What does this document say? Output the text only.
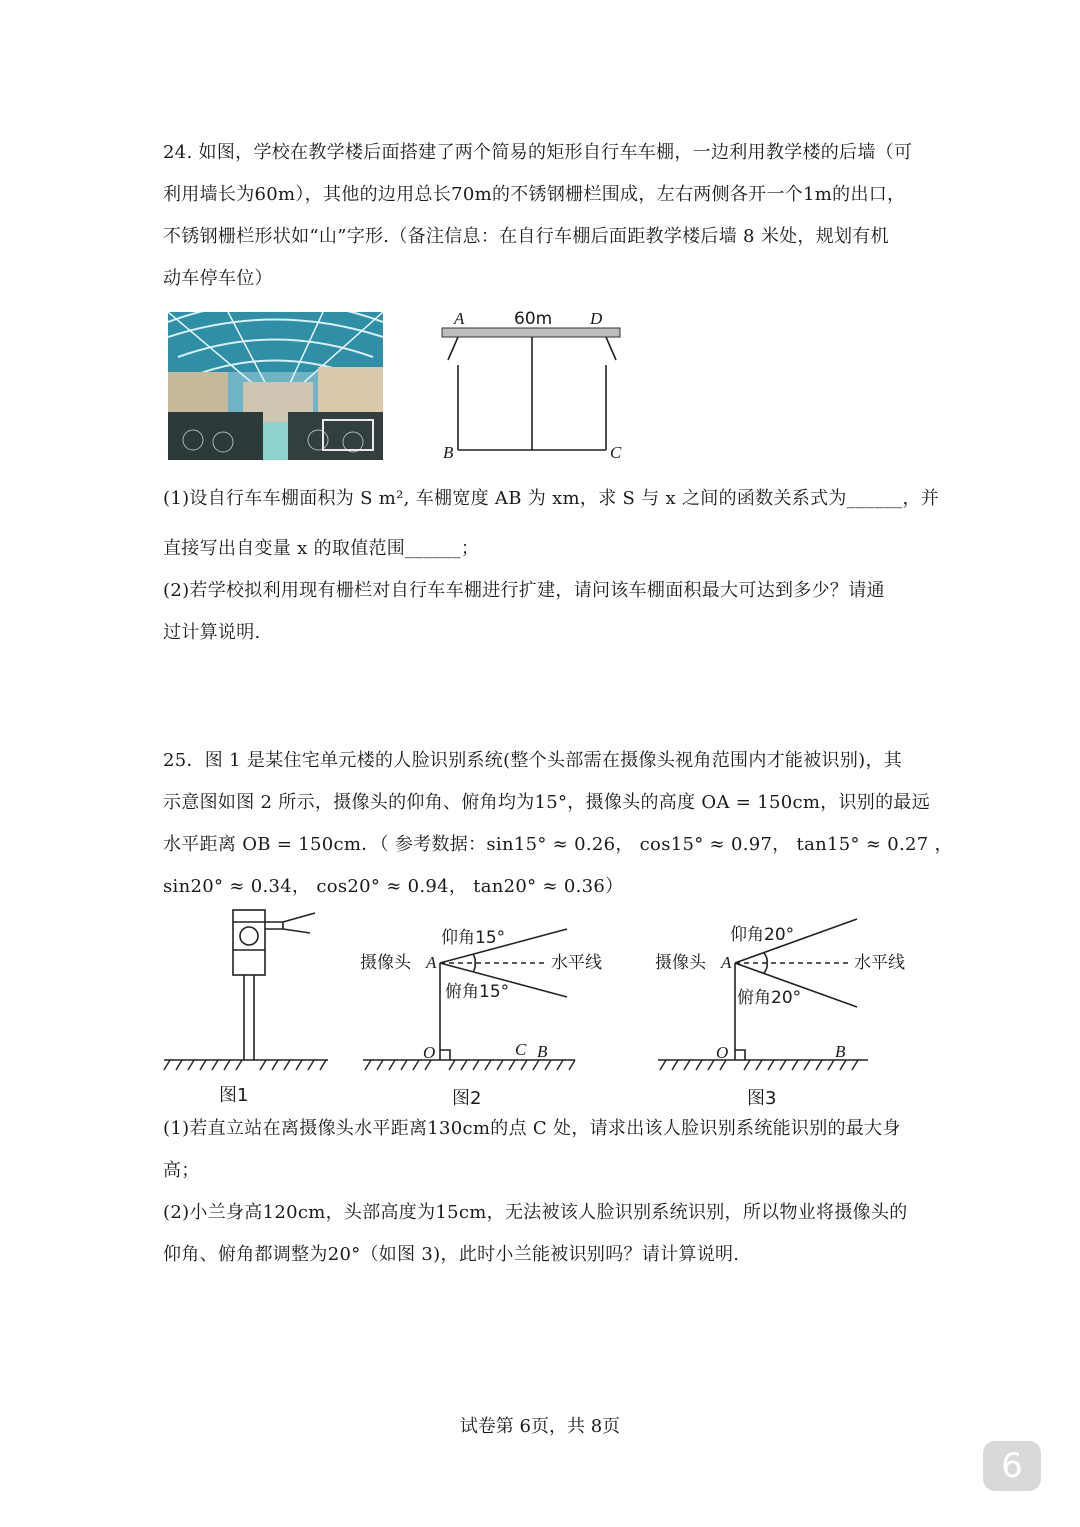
24. 如图，学校在教学楼后面搭建了两个简易的矩形自行车车棚，一边利用教学楼的后墙（可
利用墙长为60m），其他的边用总长70m的不锈钢栅栏围成，左右两侧各开一个1m的出口，
不锈钢栅栏形状如“山”字形.（备注信息：在自行车棚后面距教学楼后墙 8 米处，规划有机
动车停车位）
A	60m D
B	C
(1)设自行车车棚面积为 S m², 车棚宽度 AB 为 xm，求 S 与 x 之间的函数关系式为______，并
直接写出自变量 x 的取值范围______；
(2)若学校拟利用现有栅栏对自行车车棚进行扩建，请问该车棚面积最大可达到多少？请通
过计算说明.
25．图 1 是某住宅单元楼的人脸识别系统(整个头部需在摄像头视角范围内才能被识别)，其
示意图如图 2 所示，摄像头的仰角、俯角均为15°，摄像头的高度 OA = 150cm，识别的最远
水平距离 OB = 150cm．（ 参考数据：sin15° ≈ 0.26， cos15° ≈ 0.97， tan15° ≈ 0.27 ，
sin20° ≈ 0.34， cos20° ≈ 0.94， tan20° ≈ 0.36）
仰角15°
俯角15°
摄像头 A	水平线
O	C B
仰角20°
俯角20°
摄像头 A	水平线
O	B
图1	图2	图3
(1)若直立站在离摄像头水平距离130cm的点 C 处，请求出该人脸识别系统能识别的最大身
高；
(2)小兰身高120cm，头部高度为15cm，无法被该人脸识别系统识别，所以物业将摄像头的
仰角、俯角都调整为20°（如图 3)，此时小兰能被识别吗？请计算说明.
试卷第 6页，共 8页
6
